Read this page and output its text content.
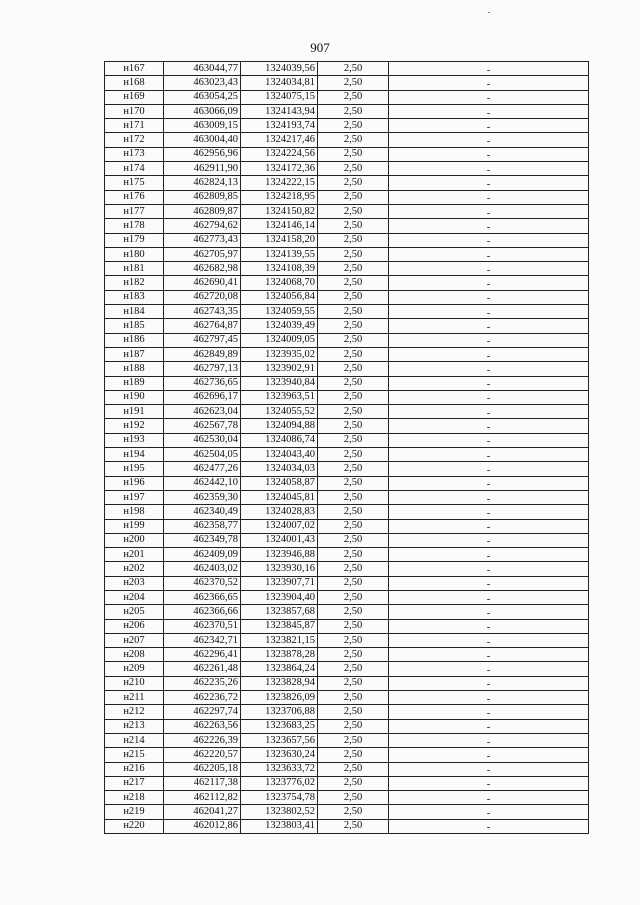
907
н167	463044,77	1324039,56	2,50	-
н168	463023,43	1324034,81	2,50	-
н169	463054,25	1324075,15	2,50	-
н170	463066,09	1324143,94	2,50	-
н171	463009,15	1324193,74	2,50	-
н172	463004,40	1324217,46	2,50	-
н173	462956,96	1324224,56	2,50	-
н174	462911,90	1324172,36	2,50	-
н175	462824,13	1324222,15	2,50	-
н176	462809,85	1324218,95	2,50	-
н177	462809,87	1324150,82	2,50	-
н178	462794,62	1324146,14	2,50	-
н179	462773,43	1324158,20	2,50	-
н180	462705,97	1324139,55	2,50	-
н181	462682,98	1324108,39	2,50	-
н182	462690,41	1324068,70	2,50	-
н183	462720,08	1324056,84	2,50	-
н184	462743,35	1324059,55	2,50	-
н185	462764,87	1324039,49	2,50	-
н186	462797,45	1324009,05	2,50	-
н187	462849,89	1323935,02	2,50	-
н188	462797,13	1323902,91	2,50	-
н189	462736,65	1323940,84	2,50	-
н190	462696,17	1323963,51	2,50	-
н191	462623,04	1324055,52	2,50	-
н192	462567,78	1324094,88	2,50	-
н193	462530,04	1324086,74	2,50	-
н194	462504,05	1324043,40	2,50	-
н195	462477,26	1324034,03	2,50	-
н196	462442,10	1324058,87	2,50	-
н197	462359,30	1324045,81	2,50	-
н198	462340,49	1324028,83	2,50	-
н199	462358,77	1324007,02	2,50	-
н200	462349,78	1324001,43	2,50	-
н201	462409,09	1323946,88	2,50	-
н202	462403,02	1323930,16	2,50	-
н203	462370,52	1323907,71	2,50	-
н204	462366,65	1323904,40	2,50	-
н205	462366,66	1323857,68	2,50	-
н206	462370,51	1323845,87	2,50	-
н207	462342,71	1323821,15	2,50	-
н208	462296,41	1323878,28	2,50	-
н209	462261,48	1323864,24	2,50	-
н210	462235,26	1323828,94	2,50	-
н211	462236,72	1323826,09	2,50	-
н212	462297,74	1323706,88	2,50	-
н213	462263,56	1323683,25	2,50	-
н214	462226,39	1323657,56	2,50	-
н215	462220,57	1323630,24	2,50	-
н216	462205,18	1323633,72	2,50	-
н217	462117,38	1323776,02	2,50	-
н218	462112,82	1323754,78	2,50	-
н219	462041,27	1323802,52	2,50	-
н220	462012,86	1323803,41	2,50	-
